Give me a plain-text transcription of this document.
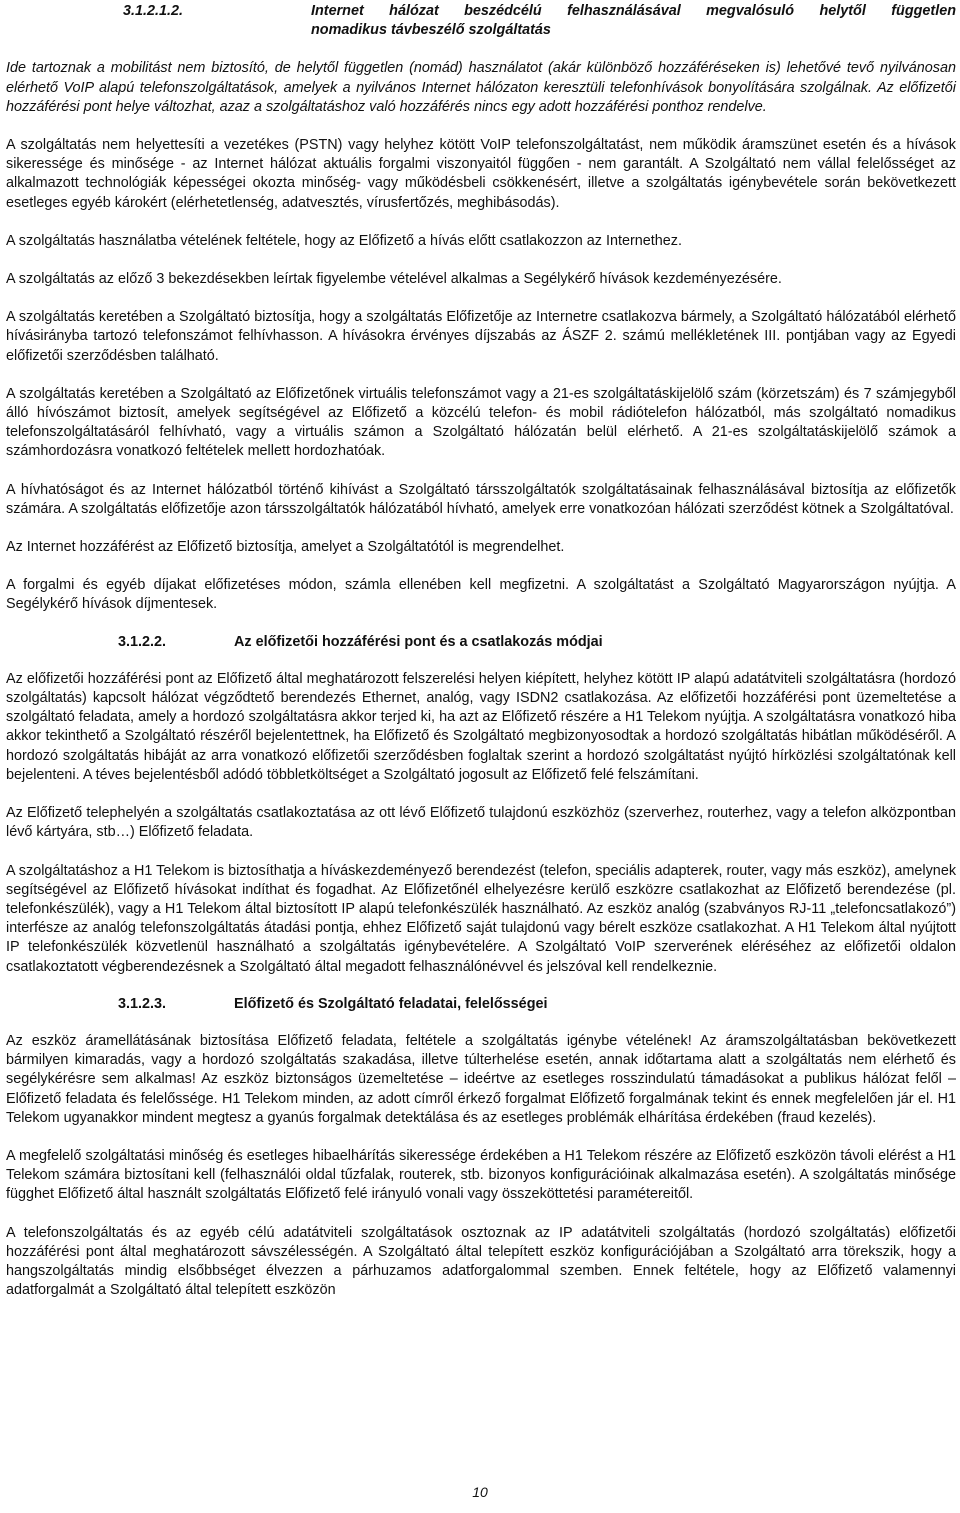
3.1.2.1.2.	Internet hálózat beszédcélú felhasználásával megvalósuló helytől független
nomadikus távbeszélő szolgáltatás

Ide tartoznak a mobilitást nem biztosító, de helytől független (nomád) használatot (akár különböző hozzáféréseken is) lehetővé tevő nyilvánosan elérhető VoIP alapú telefonszolgáltatások, amelyek a nyilvános Internet hálózaton keresztüli telefonhívások bonyolítására szolgálnak. Az előfizetői hozzáférési pont helye változhat, azaz a szolgáltatáshoz való hozzáférés nincs egy adott hozzáférési ponthoz rendelve.

A szolgáltatás nem helyettesíti a vezetékes (PSTN) vagy helyhez kötött VoIP telefonszolgáltatást, nem működik áramszünet esetén és a hívások sikeressége és minősége - az Internet hálózat aktuális forgalmi viszonyaitól függően - nem garantált. A Szolgáltató nem vállal felelősséget az alkalmazott technológiák képességei okozta minőség- vagy működésbeli csökkenésért, illetve a szolgáltatás igénybevétele során bekövetkezett esetleges egyéb károkért (elérhetetlenség, adatvesztés, vírusfertőzés, meghibásodás).

A szolgáltatás használatba vételének feltétele, hogy az Előfizető a hívás előtt csatlakozzon az Internethez.

A szolgáltatás az előző 3 bekezdésekben leírtak figyelembe vételével alkalmas a Segélykérő hívások kezdeményezésére.

A szolgáltatás keretében a Szolgáltató biztosítja, hogy a szolgáltatás Előfizetője az Internetre csatlakozva bármely, a Szolgáltató hálózatából elérhető hívásirányba tartozó telefonszámot felhívhasson. A hívásokra érvényes díjszabás az ÁSZF 2. számú mellékletének III. pontjában vagy az Egyedi előfizetői szerződésben található.

A szolgáltatás keretében a Szolgáltató az Előfizetőnek virtuális telefonszámot vagy a 21-es szolgáltatáskijelölő szám (körzetszám) és 7 számjegyből álló hívószámot biztosít, amelyek segítségével az Előfizető a közcélú telefon- és mobil rádiótelefon hálózatból, más szolgáltató nomadikus telefonszolgáltatásáról felhívható, vagy a virtuális számon a Szolgáltató hálózatán belül elérhető. A 21-es szolgáltatáskijelölő számok a számhordozásra vonatkozó feltételek mellett hordozhatóak.

A hívhatóságot és az Internet hálózatból történő kihívást a Szolgáltató társszolgáltatók szolgáltatásainak felhasználásával biztosítja az előfizetők számára. A szolgáltatás előfizetője azon társszolgáltatók hálózatából hívható, amelyek erre vonatkozóan hálózati szerződést kötnek a Szolgáltatóval.

Az Internet hozzáférést az Előfizető biztosítja, amelyet a Szolgáltatótól is megrendelhet.

A forgalmi és egyéb díjakat előfizetéses módon, számla ellenében kell megfizetni. A szolgáltatást a Szolgáltató Magyarországon nyújtja. A Segélykérő hívások díjmentesek.

3.1.2.2.	Az előfizetői hozzáférési pont és a csatlakozás módjai

Az előfizetői hozzáférési pont az Előfizető által meghatározott felszerelési helyen kiépített, helyhez kötött IP alapú adatátviteli szolgáltatásra (hordozó szolgáltatás) kapcsolt hálózat végződtető berendezés Ethernet, analóg, vagy ISDN2 csatlakozása. Az előfizetői hozzáférési pont üzemeltetése a szolgáltató feladata, amely a hordozó szolgáltatásra akkor terjed ki, ha azt az Előfizető részére a H1 Telekom nyújtja. A szolgáltatásra vonatkozó hiba akkor tekinthető a Szolgáltató részéről bejelentettnek, ha Előfizető és Szolgáltató megbizonyosodtak a hordozó szolgáltatás hibátlan működéséről. A hordozó szolgáltatás hibáját az arra vonatkozó előfizetői szerződésben foglaltak szerint a hordozó szolgáltatást nyújtó hírközlési szolgáltatónak kell bejelenteni. A téves bejelentésből adódó többletköltséget a Szolgáltató jogosult az Előfizető felé felszámítani.

Az Előfizető telephelyén a szolgáltatás csatlakoztatása az ott lévő Előfizető tulajdonú eszközhöz (szerverhez, routerhez, vagy a telefon alközpontban lévő kártyára, stb…) Előfizető feladata.

A szolgáltatáshoz a H1 Telekom is biztosíthatja a híváskezdeményező berendezést (telefon, speciális adapterek, router, vagy más eszköz), amelynek segítségével az Előfizető hívásokat indíthat és fogadhat. Az Előfizetőnél elhelyezésre kerülő eszközre csatlakozhat az Előfizető berendezése (pl. telefonkészülék), vagy a H1 Telekom által biztosított IP alapú telefonkészülék használható. Az eszköz analóg (szabványos RJ-11 „telefoncsatlakozó”) interfésze az analóg telefonszolgáltatás átadási pontja, ehhez Előfizető saját tulajdonú vagy bérelt eszköze csatlakozhat. A H1 Telekom által nyújtott IP telefonkészülék közvetlenül használható a szolgáltatás igénybevételére. A Szolgáltató VoIP szerverének eléréséhez az előfizetői oldalon csatlakoztatott végberendezésnek a Szolgáltató által megadott felhasználónévvel és jelszóval kell rendelkeznie.

3.1.2.3.	Előfizető és Szolgáltató feladatai, felelősségei

Az eszköz áramellátásának biztosítása Előfizető feladata, feltétele a szolgáltatás igénybe vételének! Az áramszolgáltatásban bekövetkezett bármilyen kimaradás, vagy a hordozó szolgáltatás szakadása, illetve túlterhelése esetén, annak időtartama alatt a szolgáltatás nem elérhető és segélykérésre sem alkalmas! Az eszköz biztonságos üzemeltetése – ideértve az esetleges rosszindulatú támadásokat a publikus hálózat felől – Előfizető feladata és felelőssége. H1 Telekom minden, az adott címről érkező forgalmat Előfizető forgalmának tekint és ennek megfelelően jár el. H1 Telekom ugyanakkor mindent megtesz a gyanús forgalmak detektálása és az esetleges problémák elhárítása érdekében (fraud kezelés).

A megfelelő szolgáltatási minőség és esetleges hibaelhárítás sikeressége érdekében a H1 Telekom részére az Előfizető eszközön távoli elérést a H1 Telekom számára biztosítani kell (felhasználói oldal tűzfalak, routerek, stb. bizonyos konfigurációinak alkalmazása esetén). A szolgáltatás minősége függhet Előfizető által használt szolgáltatás Előfizető felé irányuló vonali vagy összeköttetési paramétereitől.

A telefonszolgáltatás és az egyéb célú adatátviteli szolgáltatások osztoznak az IP adatátviteli szolgáltatás (hordozó szolgáltatás) előfizetői hozzáférési pont által meghatározott sávszélességén. A Szolgáltató által telepített eszköz konfigurációjában a Szolgáltató arra törekszik, hogy a hangszolgáltatás mindig elsőbbséget élvezzen a párhuzamos adatforgalommal szemben. Ennek feltétele, hogy az Előfizető valamennyi adatforgalmát a Szolgáltató által telepített eszközön

10
